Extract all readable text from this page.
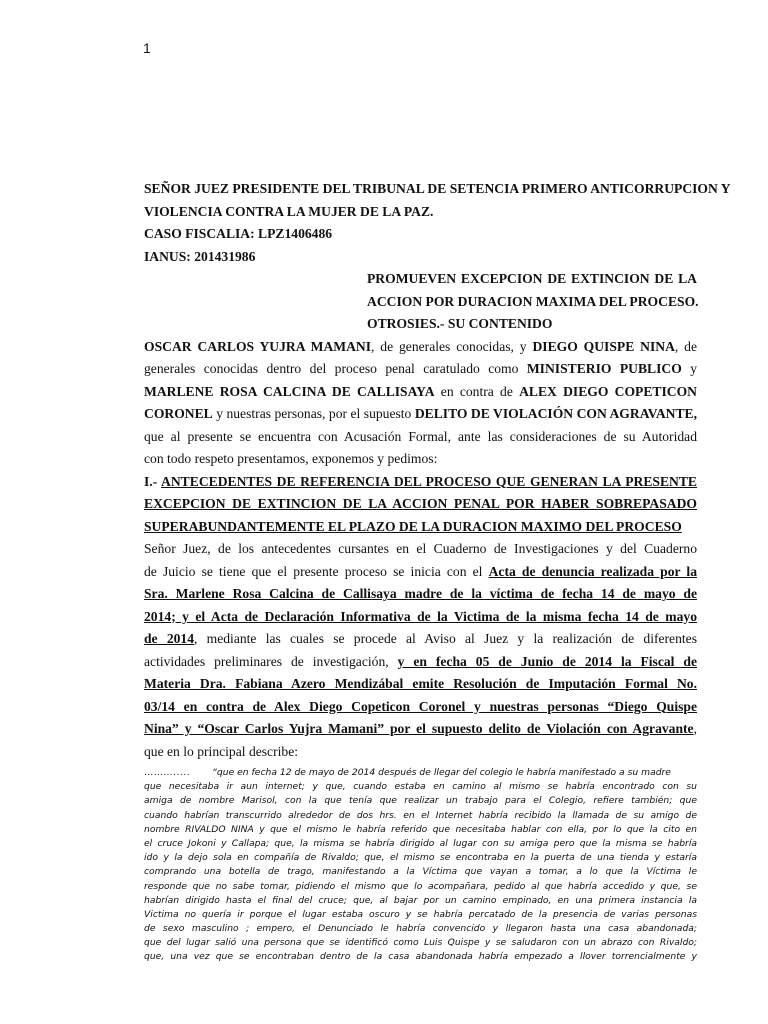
1
SEÑOR JUEZ PRESIDENTE DEL TRIBUNAL DE SETENCIA PRIMERO ANTICORRUPCION Y
VIOLENCIA CONTRA LA MUJER DE LA PAZ.
CASO FISCALIA: LPZ1406486
IANUS: 201431986
PROMUEVEN EXCEPCION DE EXTINCION DE LA
ACCION POR DURACION MAXIMA DEL PROCESO.
OTROSIES.- SU CONTENIDO
OSCAR CARLOS YUJRA MAMANI, de generales conocidas, y DIEGO QUISPE NINA, de
generales conocidas dentro del proceso penal caratulado como MINISTERIO PUBLICO y
MARLENE ROSA CALCINA DE CALLISAYA en contra de ALEX DIEGO COPETICON
CORONEL y nuestras personas, por el supuesto DELITO DE VIOLACIÓN CON AGRAVANTE,
que al presente se encuentra con Acusación Formal, ante las consideraciones de su Autoridad
con todo respeto presentamos, exponemos y pedimos:
I.- ANTECEDENTES DE REFERENCIA DEL PROCESO QUE GENERAN LA PRESENTE
EXCEPCION DE EXTINCION DE LA ACCION PENAL POR HABER SOBREPASADO
SUPERABUNDANTEMENTE EL PLAZO DE LA DURACION MAXIMO DEL PROCESO
Señor Juez, de los antecedentes cursantes en el Cuaderno de Investigaciones y del Cuaderno
de Juicio se tiene que el presente proceso se inicia con el Acta de denuncia realizada por la
Sra. Marlene Rosa Calcina de Callisaya madre de la víctima de fecha 14 de mayo de
2014; y el Acta de Declaración Informativa de la Victima de la misma fecha 14 de mayo
de 2014, mediante las cuales se procede al Aviso al Juez y la realización de diferentes
actividades preliminares de investigación, y en fecha 05 de Junio de 2014 la Fiscal de
Materia Dra. Fabiana Azero Mendizábal emite Resolución de Imputación Formal No.
03/14 en contra de Alex Diego Copeticon Coronel y nuestras personas “Diego Quispe
Nina” y “Oscar Carlos Yujra Mamani” por el supuesto delito de Violación con Agravante,
que en lo principal describe:
………..... “que en fecha 12 de mayo de 2014 después de llegar del colegio le habría manifestado a su madre
que necesitaba ir aun internet; y que, cuando estaba en camino al mismo se habría encontrado con su
amiga de nombre Marisol, con la que tenía que realizar un trabajo para el Colegio, refiere también; que
cuando habrían transcurrido alrededor de dos hrs. en el Internet habría recibido la llamada de su amigo de
nombre RIVALDO NINA y que el mismo le habría referido que necesitaba hablar con ella, por lo que la cito en
el cruce Jokoni y Callapa; que, la misma se habría dirigido al lugar con su amiga pero que la misma se habría
ido y la dejo sola en compañía de Rivaldo; que, el mismo se encontraba en la puerta de una tienda y estaría
comprando una botella de trago, manifestando a la Víctima que vayan a tomar, a lo que la Víctima le
responde que no sabe tomar, pidiendo el mismo que lo acompañara, pedido al que habría accedido y que, se
habrían dirigido hasta el final del cruce; que, al bajar por un camino empinado, en una primera instancia la
Victima no quería ir porque el lugar estaba oscuro y se habría percatado de la presencia de varias personas
de sexo masculino ; empero, el Denunciado le habría convencido y llegaron hasta una casa abandonada;
que del lugar salió una persona que se identificó como Luis Quispe y se saludaron con un abrazo con Rivaldo;
que, una vez que se encontraban dentro de la casa abandonada habría empezado a llover torrencialmente y
